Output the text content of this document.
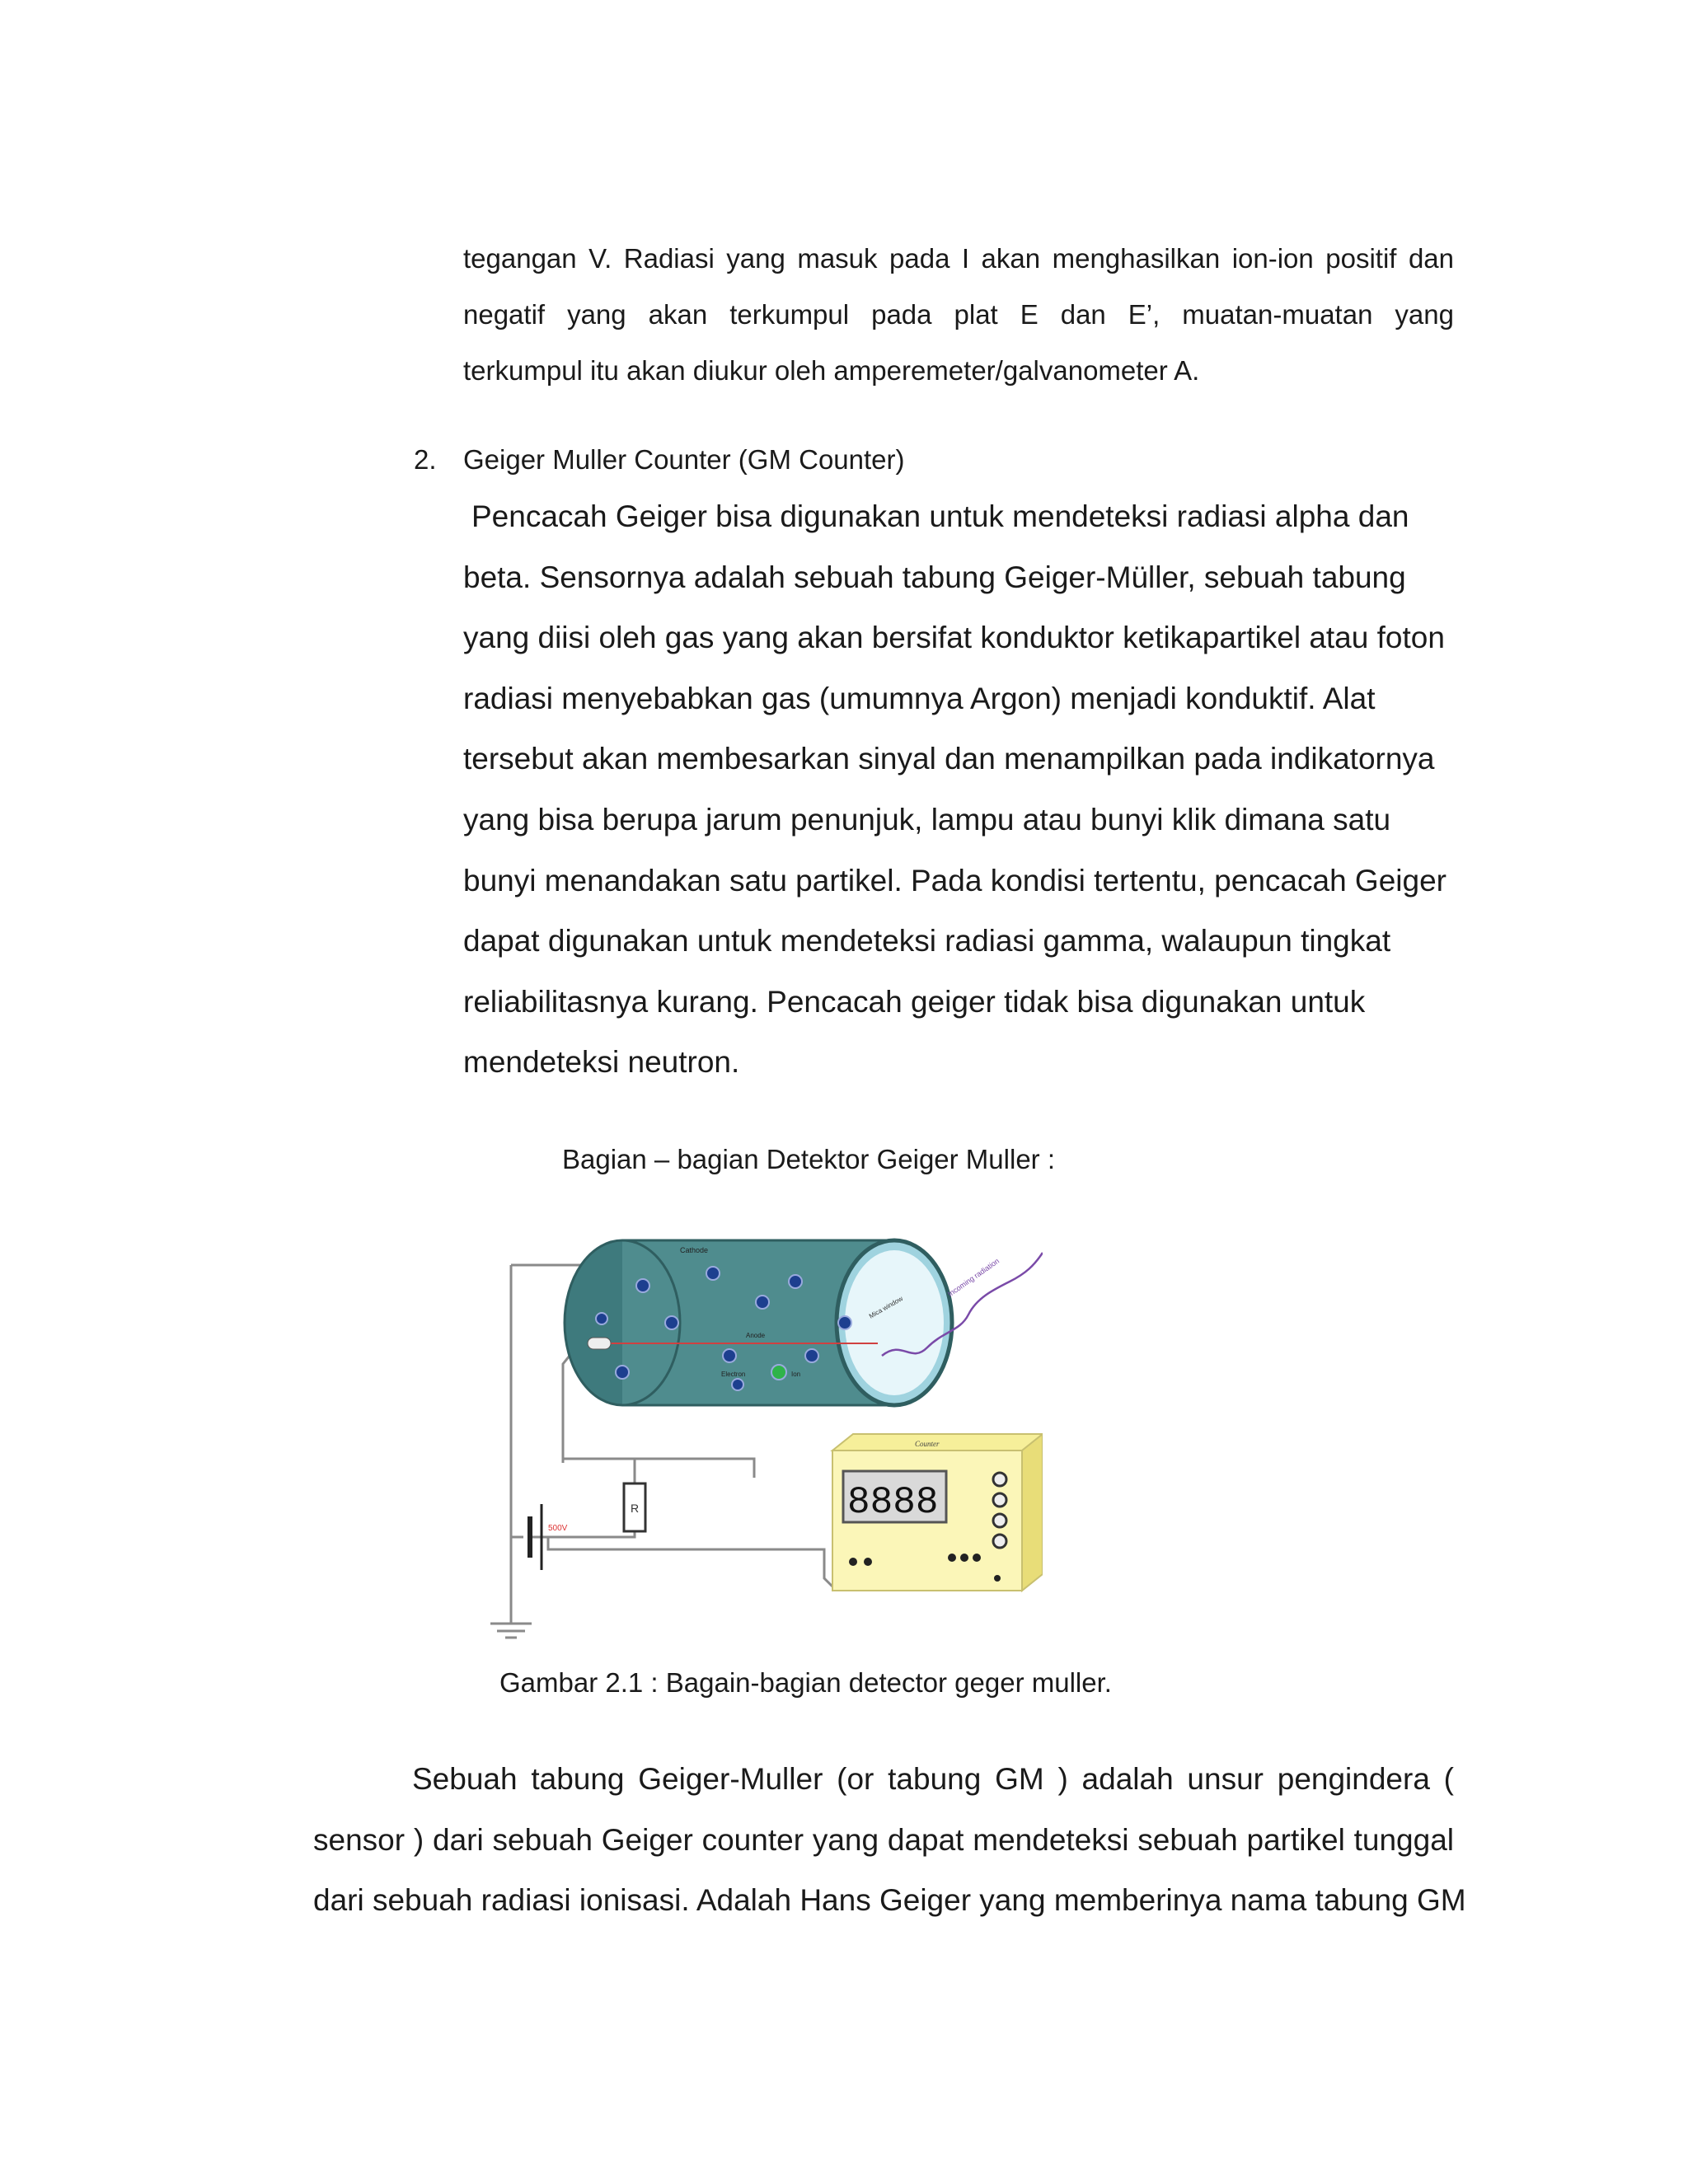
tegangan V. Radiasi yang masuk pada I akan menghasilkan ion-ion positif dan
negatif yang akan terkumpul pada plat E dan E’, muatan-muatan yang
terkumpul itu akan diukur oleh amperemeter/galvanometer A.
2. Geiger Muller Counter (GM Counter)
Pencacah Geiger bisa digunakan untuk mendeteksi radiasi alpha dan
beta. Sensornya adalah sebuah tabung Geiger-Müller, sebuah tabung
yang diisi oleh gas yang akan bersifat konduktor ketikapartikel atau foton
radiasi menyebabkan gas (umumnya Argon) menjadi konduktif. Alat
tersebut akan membesarkan sinyal dan menampilkan pada indikatornya
yang bisa berupa jarum penunjuk, lampu atau bunyi klik dimana satu
bunyi menandakan satu partikel. Pada kondisi tertentu, pencacah Geiger
dapat digunakan untuk mendeteksi radiasi gamma, walaupun tingkat
reliabilitasnya kurang. Pencacah geiger tidak bisa digunakan untuk
mendeteksi neutron.
Bagian – bagian Detektor Geiger Muller :
500V
R
Cathode
Anode
Electron	Ion
Mica window
Incoming radiation
Counter
8888
Gambar 2.1 : Bagain-bagian detector geger muller.
Sebuah tabung Geiger-Muller (or tabung GM ) adalah unsur pengindera (
sensor ) dari sebuah Geiger counter yang dapat mendeteksi sebuah partikel tunggal
dari sebuah radiasi ionisasi. Adalah Hans Geiger yang memberinya nama tabung GM
